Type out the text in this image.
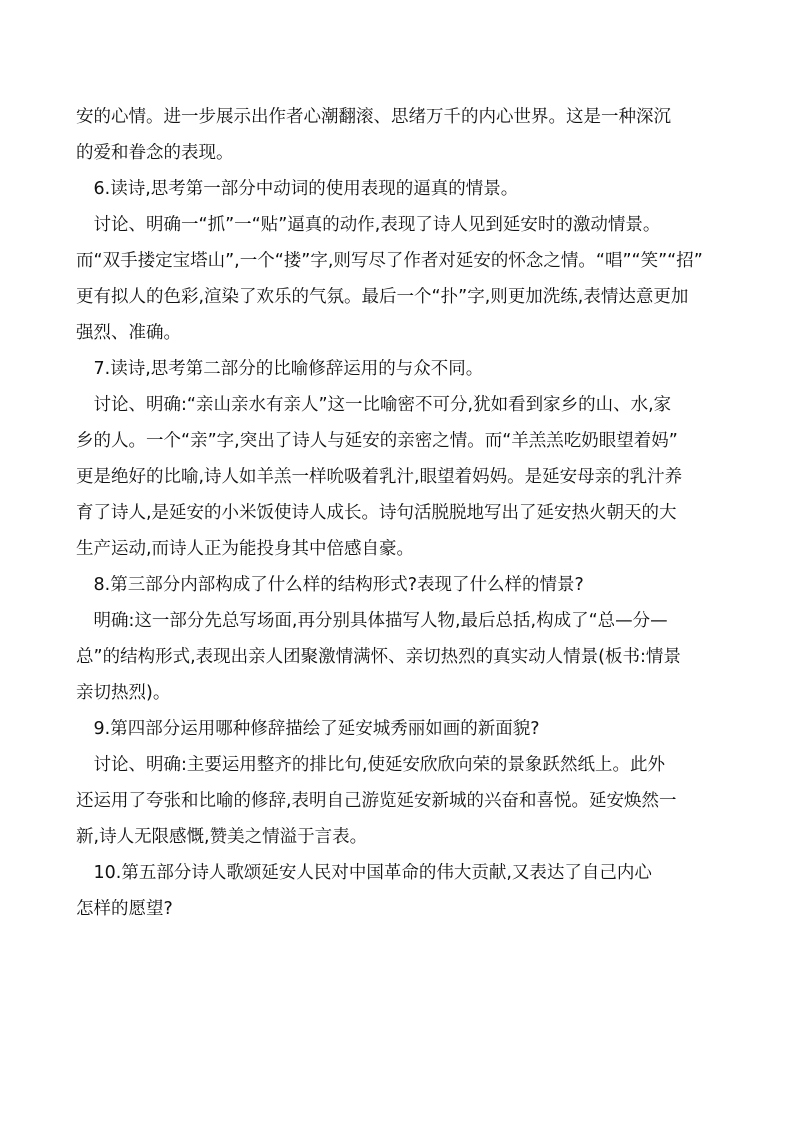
安的心情。进一步展示出作者心潮翻滚、思绪万千的内心世界。这是一种深沉
的爱和眷念的表现。
　6.读诗,思考第一部分中动词的使用表现的逼真的情景。
　讨论、明确一“抓”一“贴”逼真的动作,表现了诗人见到延安时的激动情景。
而“双手搂定宝塔山”,一个“搂”字,则写尽了作者对延安的怀念之情。“唱”“笑”“招”
更有拟人的色彩,渲染了欢乐的气氛。最后一个“扑”字,则更加洗练,表情达意更加
强烈、准确。
　7.读诗,思考第二部分的比喻修辞运用的与众不同。
　讨论、明确:“亲山亲水有亲人”这一比喻密不可分,犹如看到家乡的山、水,家
乡的人。一个“亲”字,突出了诗人与延安的亲密之情。而“羊羔羔吃奶眼望着妈”
更是绝好的比喻,诗人如羊羔一样吮吸着乳汁,眼望着妈妈。是延安母亲的乳汁养
育了诗人,是延安的小米饭使诗人成长。诗句活脱脱地写出了延安热火朝天的大
生产运动,而诗人正为能投身其中倍感自豪。
　8.第三部分内部构成了什么样的结构形式?表现了什么样的情景?
　明确:这一部分先总写场面,再分别具体描写人物,最后总括,构成了“总—分—
总”的结构形式,表现出亲人团聚激情满怀、亲切热烈的真实动人情景(板书:情景
亲切热烈)。
　9.第四部分运用哪种修辞描绘了延安城秀丽如画的新面貌?
　讨论、明确:主要运用整齐的排比句,使延安欣欣向荣的景象跃然纸上。此外
还运用了夸张和比喻的修辞,表明自己游览延安新城的兴奋和喜悦。延安焕然一
新,诗人无限感慨,赞美之情溢于言表。
　10.第五部分诗人歌颂延安人民对中国革命的伟大贡献,又表达了自己内心
怎样的愿望?
